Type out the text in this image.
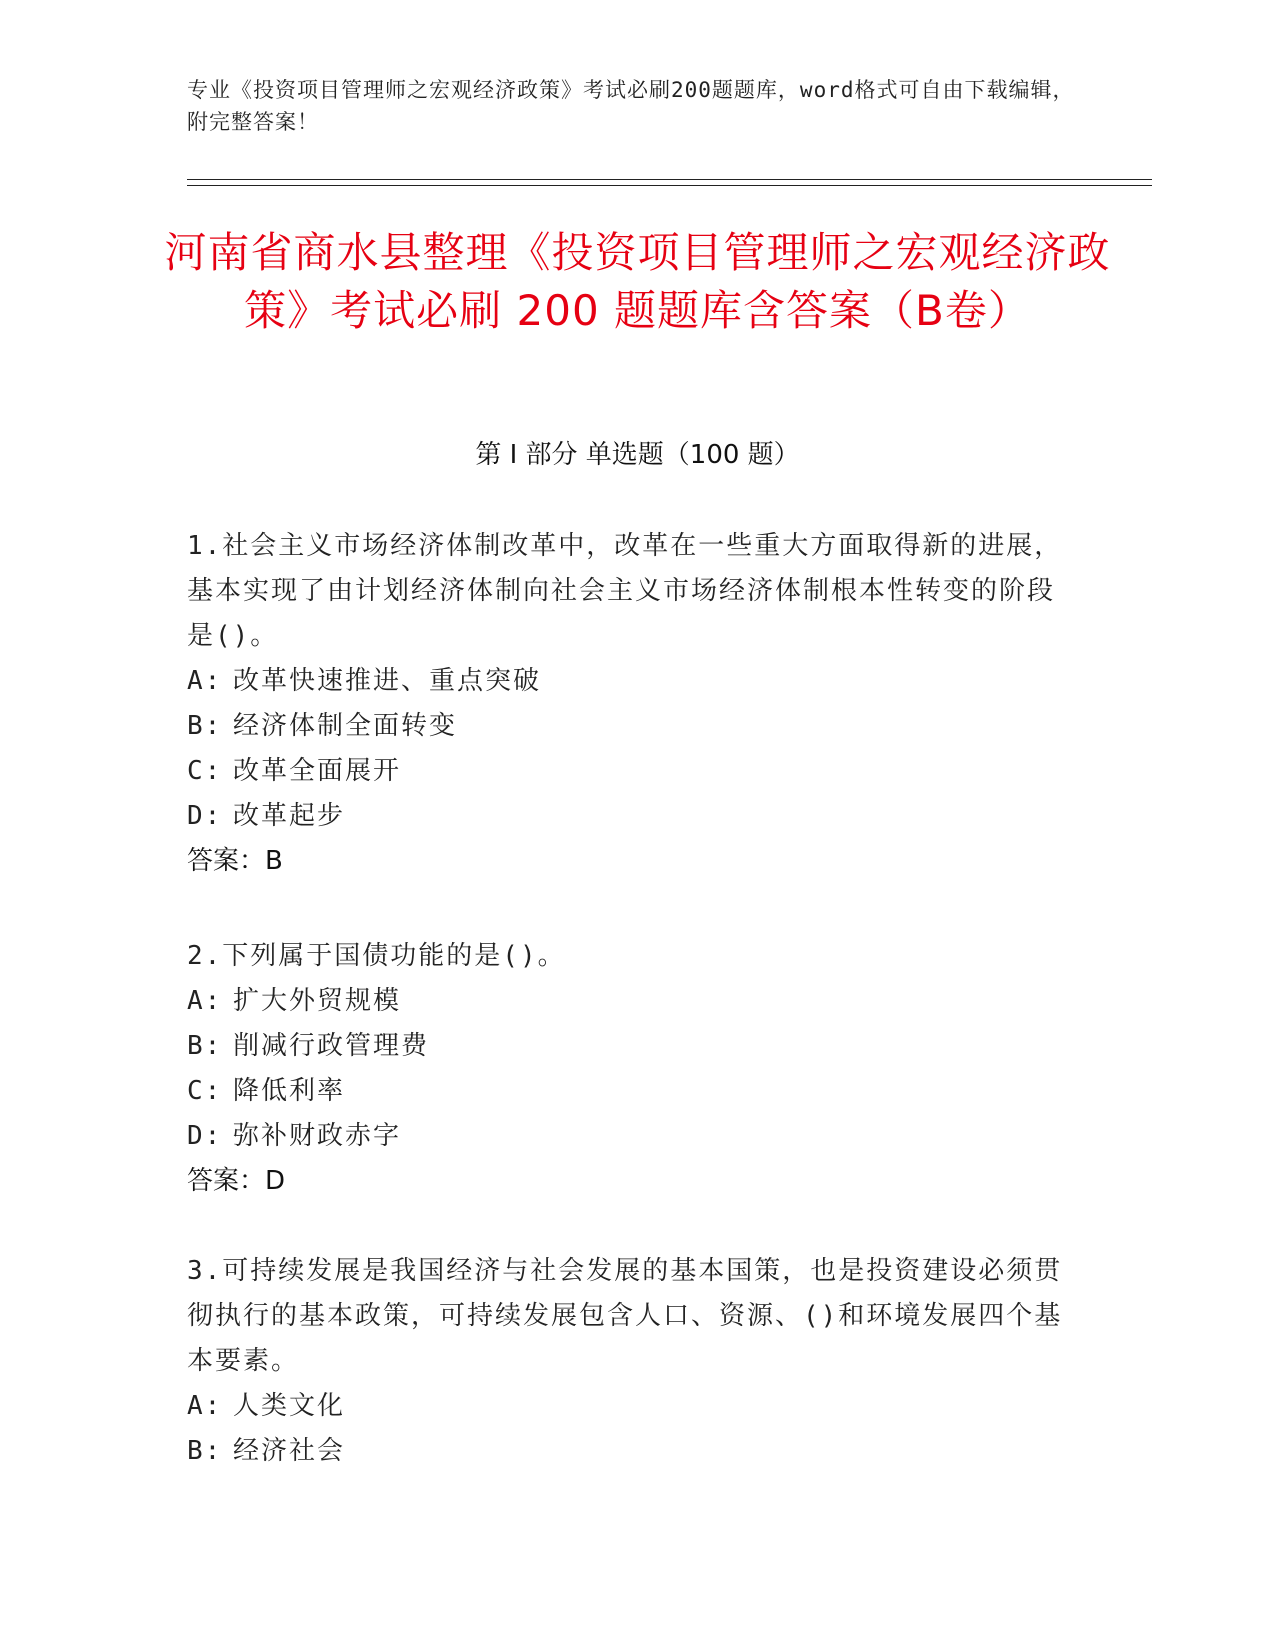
专业《投资项目管理师之宏观经济政策》考试必刷200题题库，word格式可自由下载编辑，附完整答案！
河南省商水县整理《投资项目管理师之宏观经济政策》考试必刷 200 题题库含答案（B卷）
第 I 部分 单选题（100 题）
1.社会主义市场经济体制改革中，改革在一些重大方面取得新的进展，基本实现了由计划经济体制向社会主义市场经济体制根本性转变的阶段是()。
A: 改革快速推进、重点突破
B: 经济体制全面转变
C: 改革全面展开
D: 改革起步
答案：B
2.下列属于国债功能的是()。
A: 扩大外贸规模
B: 削减行政管理费
C: 降低利率
D: 弥补财政赤字
答案：D
3.可持续发展是我国经济与社会发展的基本国策，也是投资建设必须贯彻执行的基本政策，可持续发展包含人口、资源、()和环境发展四个基本要素。
A: 人类文化
B: 经济社会
